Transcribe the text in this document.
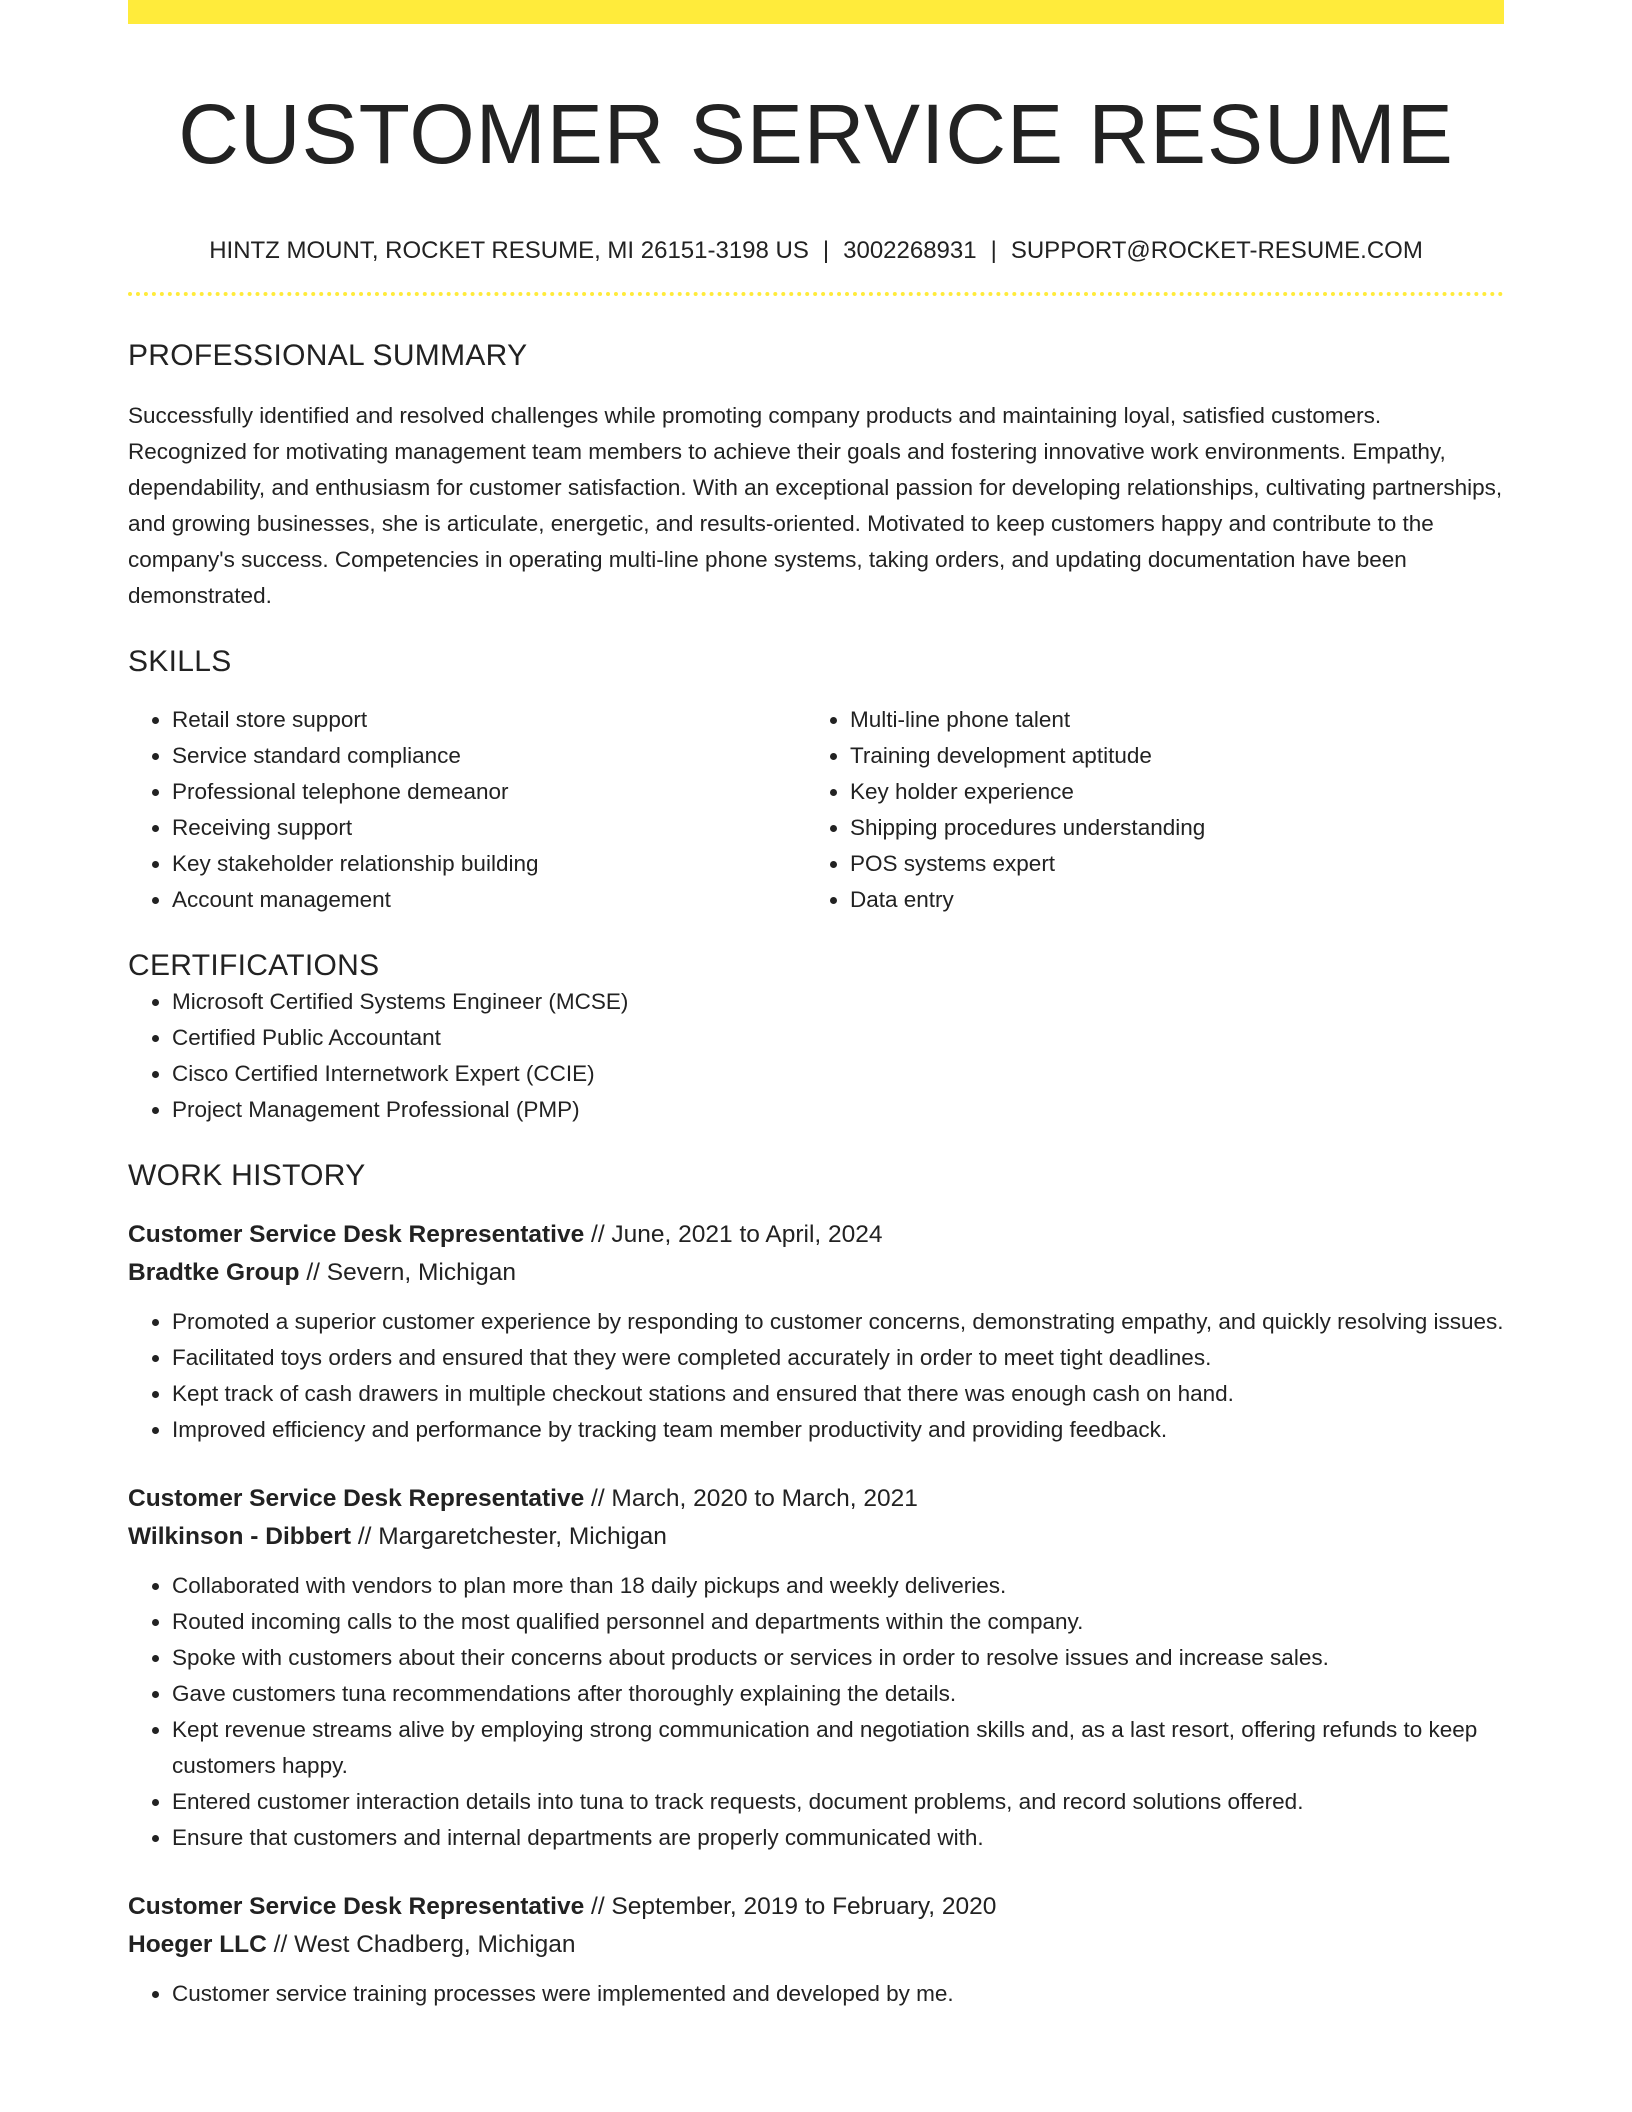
CUSTOMER SERVICE RESUME
HINTZ MOUNT, ROCKET RESUME, MI 26151-3198 US | 3002268931 | SUPPORT@ROCKET-RESUME.COM
PROFESSIONAL SUMMARY

Successfully identified and resolved challenges while promoting company products and maintaining loyal, satisfied customers. Recognized for motivating management team members to achieve their goals and fostering innovative work environments. Empathy, dependability, and enthusiasm for customer satisfaction. With an exceptional passion for developing relationships, cultivating partnerships, and growing businesses, she is articulate, energetic, and results-oriented. Motivated to keep customers happy and contribute to the company's success. Competencies in operating multi-line phone systems, taking orders, and updating documentation have been demonstrated.

SKILLS
• Retail store support
• Service standard compliance
• Professional telephone demeanor
• Receiving support
• Key stakeholder relationship building
• Account management
• Multi-line phone talent
• Training development aptitude
• Key holder experience
• Shipping procedures understanding
• POS systems expert
• Data entry
CERTIFICATIONS
• Microsoft Certified Systems Engineer (MCSE)
• Certified Public Accountant
• Cisco Certified Internetwork Expert (CCIE)
• Project Management Professional (PMP)
WORK HISTORY
Customer Service Desk Representative // June, 2021 to April, 2024
Bradtke Group // Severn, Michigan
• Promoted a superior customer experience by responding to customer concerns, demonstrating empathy, and quickly resolving issues.
• Facilitated toys orders and ensured that they were completed accurately in order to meet tight deadlines.
• Kept track of cash drawers in multiple checkout stations and ensured that there was enough cash on hand.
• Improved efficiency and performance by tracking team member productivity and providing feedback.
Customer Service Desk Representative // March, 2020 to March, 2021
Wilkinson - Dibbert // Margaretchester, Michigan
• Collaborated with vendors to plan more than 18 daily pickups and weekly deliveries.
• Routed incoming calls to the most qualified personnel and departments within the company.
• Spoke with customers about their concerns about products or services in order to resolve issues and increase sales.
• Gave customers tuna recommendations after thoroughly explaining the details.
• Kept revenue streams alive by employing strong communication and negotiation skills and, as a last resort, offering refunds to keep customers happy.
• Entered customer interaction details into tuna to track requests, document problems, and record solutions offered.
• Ensure that customers and internal departments are properly communicated with.
Customer Service Desk Representative // September, 2019 to February, 2020
Hoeger LLC // West Chadberg, Michigan
• Customer service training processes were implemented and developed by me.
